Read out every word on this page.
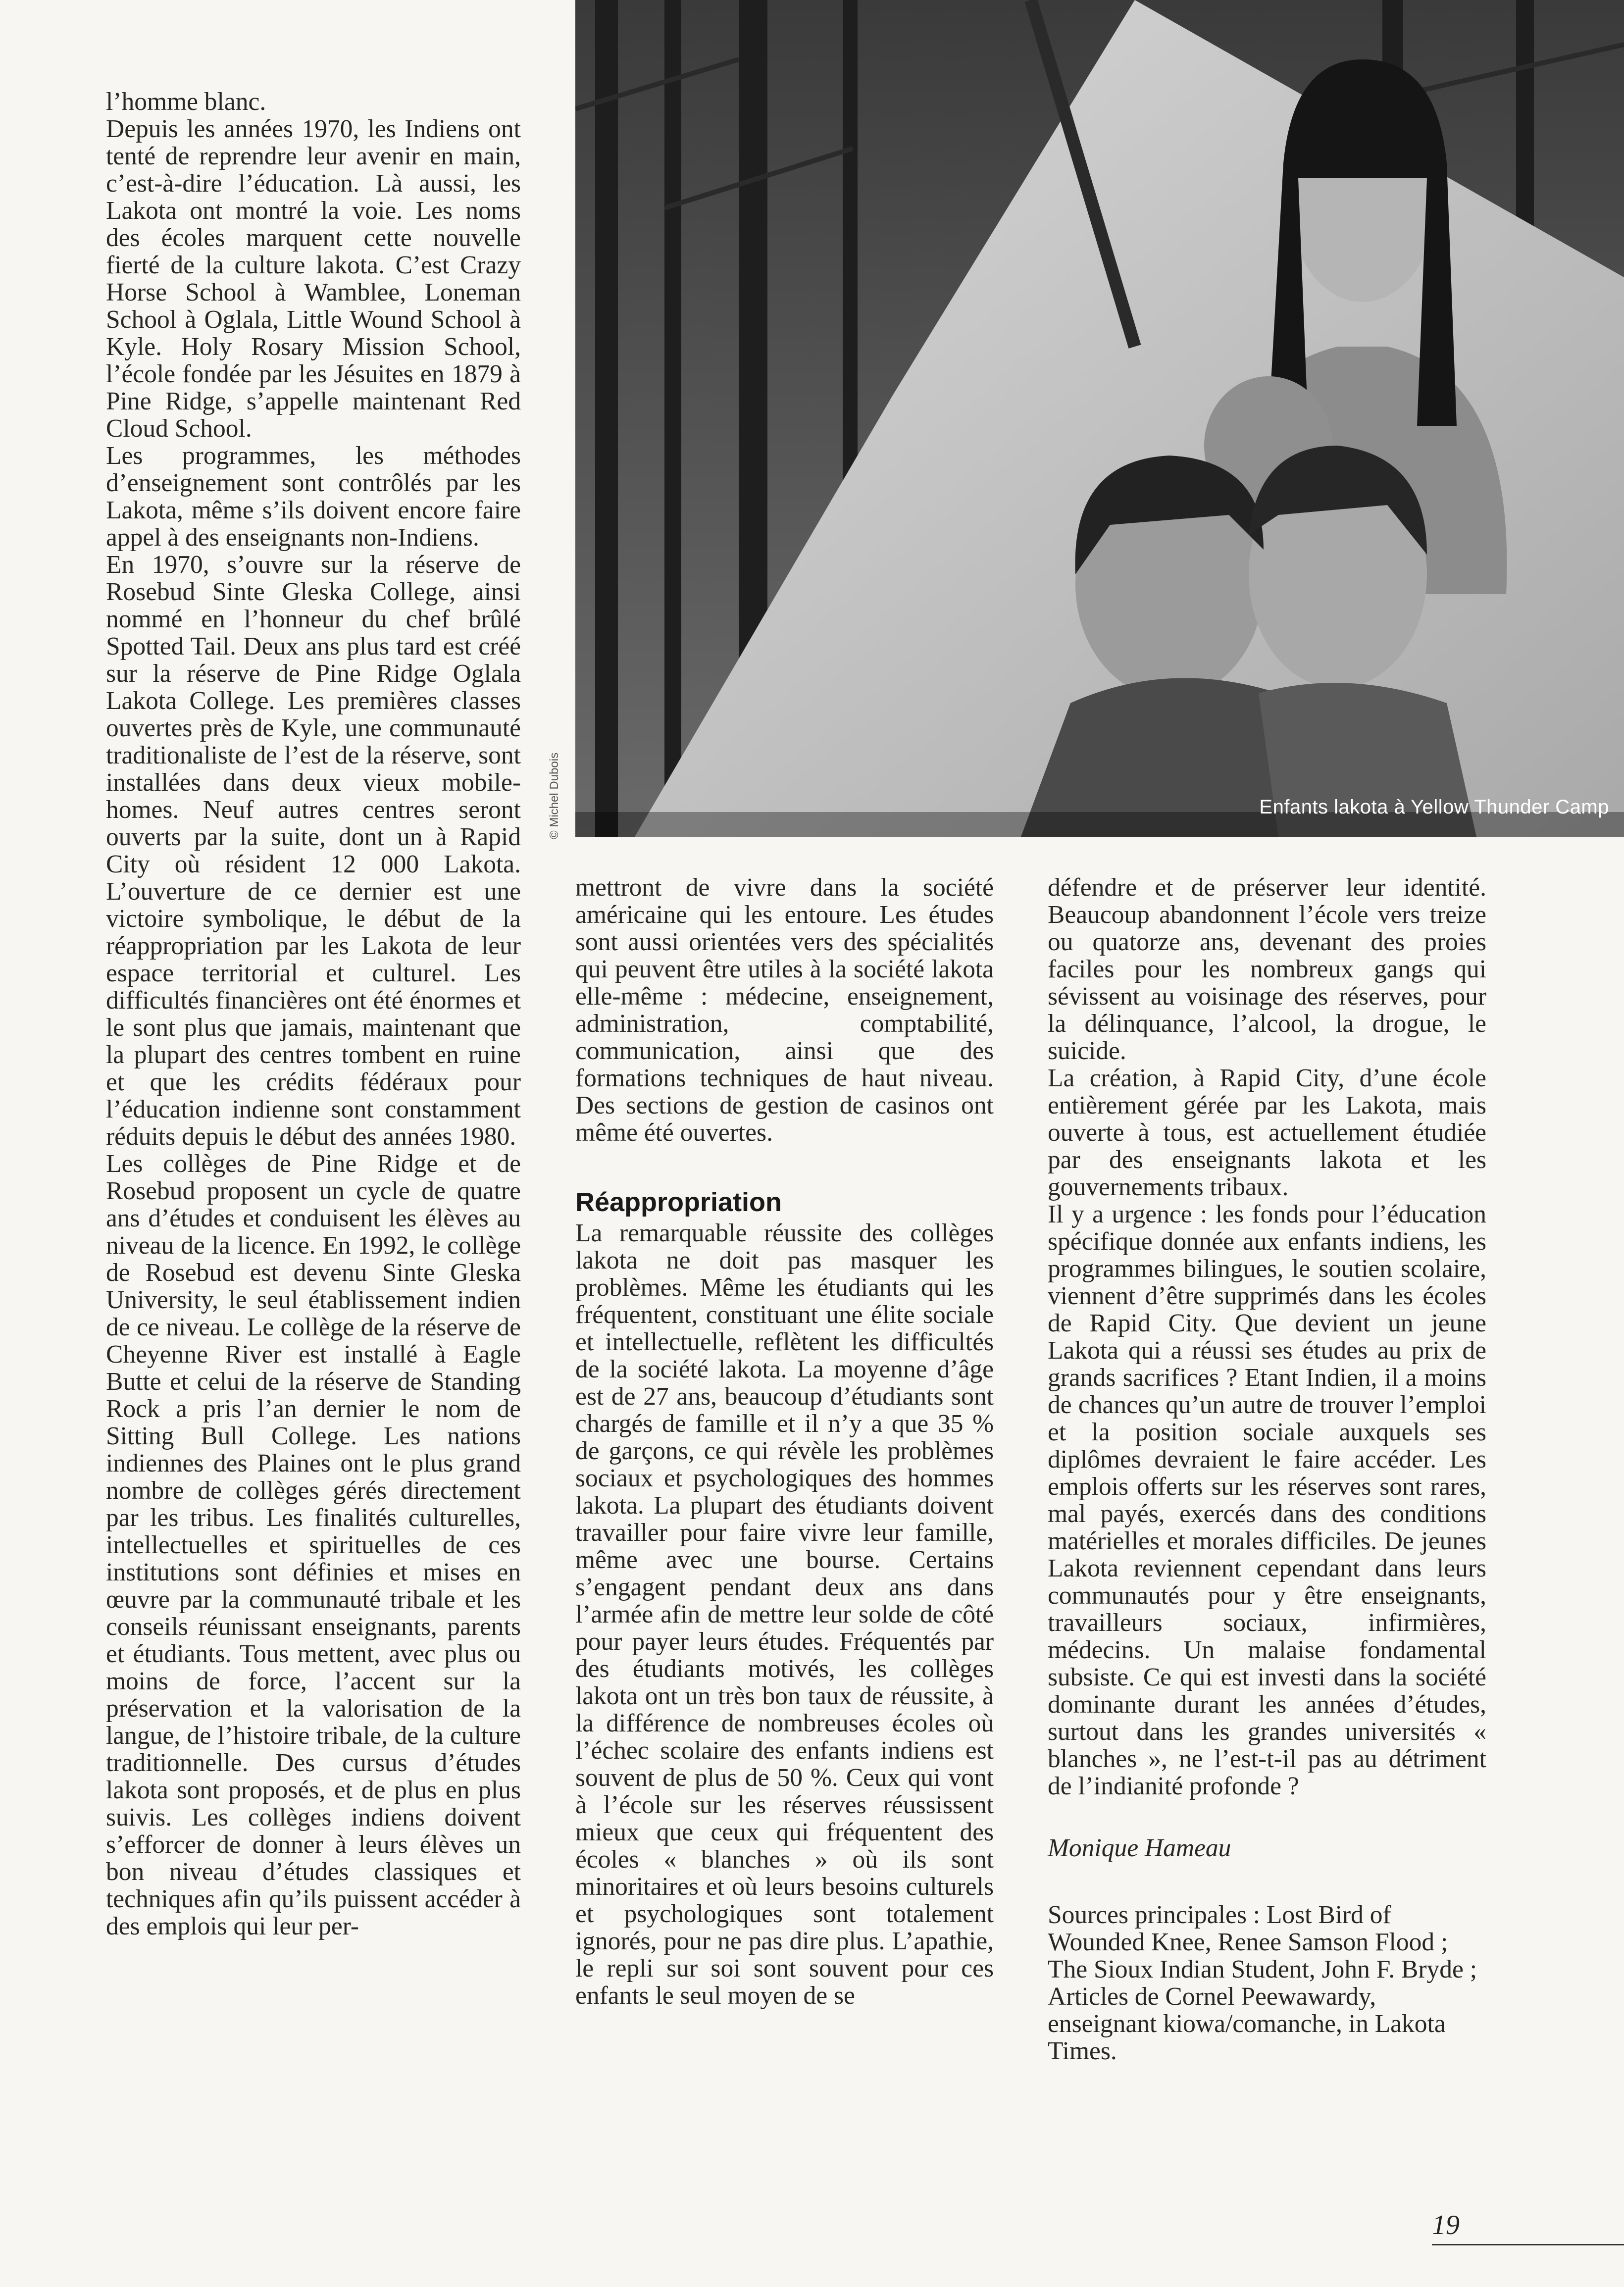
l’homme blanc.

Depuis les années 1970, les Indiens ont tenté de reprendre leur avenir en main, c’est-à-dire l’éducation. Là aussi, les Lakota ont montré la voie. Les noms des écoles marquent cette nouvelle fierté de la culture lakota. C’est Crazy Horse School à Wamblee, Loneman School à Oglala, Little Wound School à Kyle. Holy Rosary Mission School, l’école fondée par les Jésuites en 1879 à Pine Ridge, s’appelle maintenant Red Cloud School.

Les programmes, les méthodes d’enseignement sont contrôlés par les Lakota, même s’ils doivent encore faire appel à des enseignants non-Indiens.

En 1970, s’ouvre sur la réserve de Rosebud Sinte Gleska College, ainsi nommé en l’honneur du chef brûlé Spotted Tail. Deux ans plus tard est créé sur la réserve de Pine Ridge Oglala Lakota College. Les premières classes ouvertes près de Kyle, une communauté traditionaliste de l’est de la réserve, sont installées dans deux vieux mobile-homes. Neuf autres centres seront ouverts par la suite, dont un à Rapid City où résident 12 000 Lakota. L’ouverture de ce dernier est une victoire symbolique, le début de la réappropriation par les Lakota de leur espace territorial et culturel. Les difficultés financières ont été énormes et le sont plus que jamais, maintenant que la plupart des centres tombent en ruine et que les crédits fédéraux pour l’éducation indienne sont constamment réduits depuis le début des années 1980.

Les collèges de Pine Ridge et de Rosebud proposent un cycle de quatre ans d’études et conduisent les élèves au niveau de la licence. En 1992, le collège de Rosebud est devenu Sinte Gleska University, le seul établissement indien de ce niveau. Le collège de la réserve de Cheyenne River est installé à Eagle Butte et celui de la réserve de Standing Rock a pris l’an dernier le nom de Sitting Bull College. Les nations indiennes des Plaines ont le plus grand nombre de collèges gérés directement par les tribus. Les finalités culturelles, intellectuelles et spirituelles de ces institutions sont définies et mises en œuvre par la communauté tribale et les conseils réunissant enseignants, parents et étudiants. Tous mettent, avec plus ou moins de force, l’accent sur la préservation et la valorisation de la langue, de l’histoire tribale, de la culture traditionnelle. Des cursus d’études lakota sont proposés, et de plus en plus suivis. Les collèges indiens doivent s’efforcer de donner à leurs élèves un bon niveau d’études classiques et techniques afin qu’ils puissent accéder à des emplois qui leur per-

Enfants lakota à Yellow Thunder Camp
© Michel Dubois

mettront de vivre dans la société américaine qui les entoure. Les études sont aussi orientées vers des spécialités qui peuvent être utiles à la société lakota elle-même : médecine, enseignement, administration, comptabilité, communication, ainsi que des formations techniques de haut niveau. Des sections de gestion de casinos ont même été ouvertes.

Réappropriation

La remarquable réussite des collèges lakota ne doit pas masquer les problèmes. Même les étudiants qui les fréquentent, constituant une élite sociale et intellectuelle, reflètent les difficultés de la société lakota. La moyenne d’âge est de 27 ans, beaucoup d’étudiants sont chargés de famille et il n’y a que 35 % de garçons, ce qui révèle les problèmes sociaux et psychologiques des hommes lakota. La plupart des étudiants doivent travailler pour faire vivre leur famille, même avec une bourse. Certains s’engagent pendant deux ans dans l’armée afin de mettre leur solde de côté pour payer leurs études. Fréquentés par des étudiants motivés, les collèges lakota ont un très bon taux de réussite, à la différence de nombreuses écoles où l’échec scolaire des enfants indiens est souvent de plus de 50 %. Ceux qui vont à l’école sur les réserves réussissent mieux que ceux qui fréquentent des écoles « blanches » où ils sont minoritaires et où leurs besoins culturels et psychologiques sont totalement ignorés, pour ne pas dire plus. L’apathie, le repli sur soi sont souvent pour ces enfants le seul moyen de se

défendre et de préserver leur identité. Beaucoup abandonnent l’école vers treize ou quatorze ans, devenant des proies faciles pour les nombreux gangs qui sévissent au voisinage des réserves, pour la délinquance, l’alcool, la drogue, le suicide.

La création, à Rapid City, d’une école entièrement gérée par les Lakota, mais ouverte à tous, est actuellement étudiée par des enseignants lakota et les gouvernements tribaux.

Il y a urgence : les fonds pour l’éducation spécifique donnée aux enfants indiens, les programmes bilingues, le soutien scolaire, viennent d’être supprimés dans les écoles de Rapid City. Que devient un jeune Lakota qui a réussi ses études au prix de grands sacrifices ? Etant Indien, il a moins de chances qu’un autre de trouver l’emploi et la position sociale auxquels ses diplômes devraient le faire accéder. Les emplois offerts sur les réserves sont rares, mal payés, exercés dans des conditions matérielles et morales difficiles. De jeunes Lakota reviennent cependant dans leurs communautés pour y être enseignants, travailleurs sociaux, infirmières, médecins. Un malaise fondamental subsiste. Ce qui est investi dans la société dominante durant les années d’études, surtout dans les grandes universités « blanches », ne l’est-t-il pas au détriment de l’indianité profonde ?

Monique Hameau

Sources principales : Lost Bird of Wounded Knee, Renee Samson Flood ; The Sioux Indian Student, John F. Bryde ; Articles de Cornel Peewawardy, enseignant kiowa/comanche, in Lakota Times.

19
